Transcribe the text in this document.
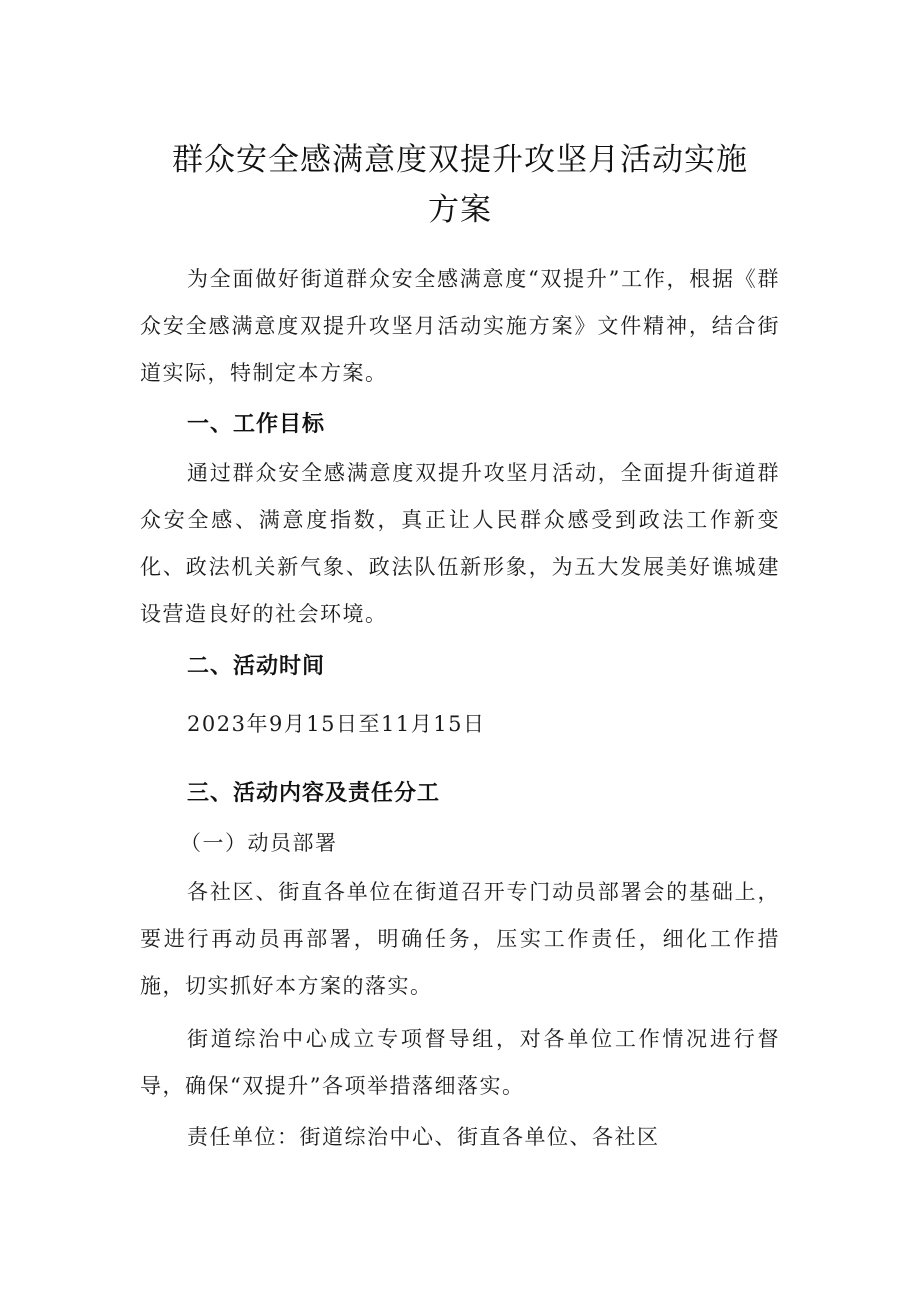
群众安全感满意度双提升攻坚月活动实施
方案

为全面做好街道群众安全感满意度“双提升”工作，根据《群众安全感满意度双提升攻坚月活动实施方案》文件精神，结合街道实际，特制定本方案。

一、工作目标

通过群众安全感满意度双提升攻坚月活动，全面提升街道群众安全感、满意度指数，真正让人民群众感受到政法工作新变化、政法机关新气象、政法队伍新形象，为五大发展美好谯城建设营造良好的社会环境。

二、活动时间
2023年9月15日至11月15日
三、活动内容及责任分工
（一）动员部署

各社区、街直各单位在街道召开专门动员部署会的基础上，要进行再动员再部署，明确任务，压实工作责任，细化工作措施，切实抓好本方案的落实。

街道综治中心成立专项督导组，对各单位工作情况进行督导，确保“双提升”各项举措落细落实。

责任单位：街道综治中心、街直各单位、各社区
